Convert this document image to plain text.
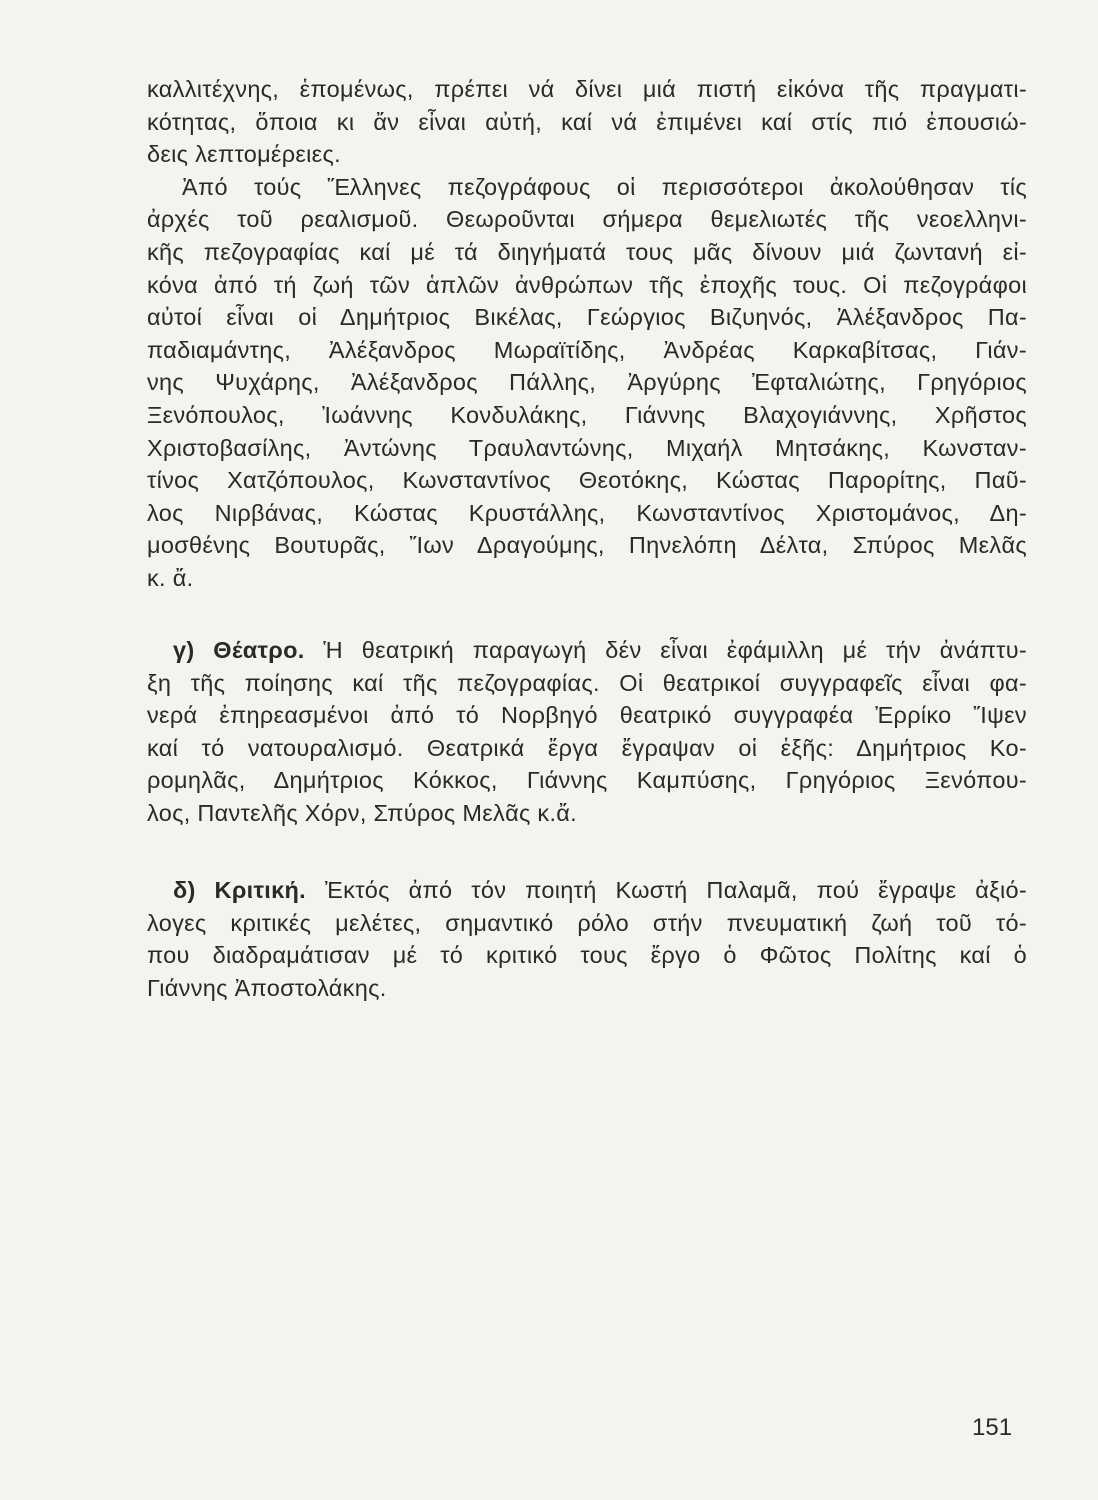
καλλιτέχνης, ἑπομένως, πρέπει νά δίνει μιά πιστή εἰκόνα τῆς πραγματι-
κότητας, ὅποια κι ἄν εἶναι αὐτή, καί νά ἐπιμένει καί στίς πιό ἐπουσιώ-
δεις λεπτομέρειες.
Ἀπό τούς Ἕλληνες πεζογράφους οἱ περισσότεροι ἀκολούθησαν τίς
ἀρχές τοῦ ρεαλισμοῦ. Θεωροῦνται σήμερα θεμελιωτές τῆς νεοελληνι-
κῆς πεζογραφίας καί μέ τά διηγήματά τους μᾶς δίνουν μιά ζωντανή εἰ-
κόνα ἀπό τή ζωή τῶν ἁπλῶν ἀνθρώπων τῆς ἐποχῆς τους. Οἱ πεζογράφοι
αὐτοί εἶναι οἱ Δημήτριος Βικέλας, Γεώργιος Βιζυηνός, Ἀλέξανδρος Πα-
παδιαμάντης, Ἀλέξανδρος Μωραϊτίδης, Ἀνδρέας Καρκαβίτσας, Γιάν-
νης Ψυχάρης, Ἀλέξανδρος Πάλλης, Ἀργύρης Ἐφταλιώτης, Γρηγόριος
Ξενόπουλος, Ἰωάννης Κονδυλάκης, Γιάννης Βλαχογιάννης, Χρῆστος
Χριστοβασίλης, Ἀντώνης Τραυλαντώνης, Μιχαήλ Μητσάκης, Κωνσταν-
τίνος Χατζόπουλος, Κωνσταντίνος Θεοτόκης, Κώστας Παρορίτης, Παῦ-
λος Νιρβάνας, Κώστας Κρυστάλλης, Κωνσταντίνος Χριστομάνος, Δη-
μοσθένης Βουτυρᾶς, Ἴων Δραγούμης, Πηνελόπη Δέλτα, Σπύρος Μελᾶς
κ. ἄ.
γ) Θέατρο. Ἡ θεατρική παραγωγή δέν εἶναι ἐφάμιλλη μέ τήν ἀνάπτυ-
ξη τῆς ποίησης καί τῆς πεζογραφίας. Οἱ θεατρικοί συγγραφεῖς εἶναι φα-
νερά ἐπηρεασμένοι ἀπό τό Νορβηγό θεατρικό συγγραφέα Ἐρρίκο Ἴψεν
καί τό νατουραλισμό. Θεατρικά ἔργα ἔγραψαν οἱ ἑξῆς: Δημήτριος Κο-
ρομηλᾶς, Δημήτριος Κόκκος, Γιάννης Καμπύσης, Γρηγόριος Ξενόπου-
λος, Παντελῆς Χόρν, Σπύρος Μελᾶς κ.ἄ.
δ) Κριτική. Ἐκτός ἀπό τόν ποιητή Κωστή Παλαμᾶ, πού ἔγραψε ἀξιό-
λογες κριτικές μελέτες, σημαντικό ρόλο στήν πνευματική ζωή τοῦ τό-
που διαδραμάτισαν μέ τό κριτικό τους ἔργο ὁ Φῶτος Πολίτης καί ὁ
Γιάννης Ἀποστολάκης.

151
